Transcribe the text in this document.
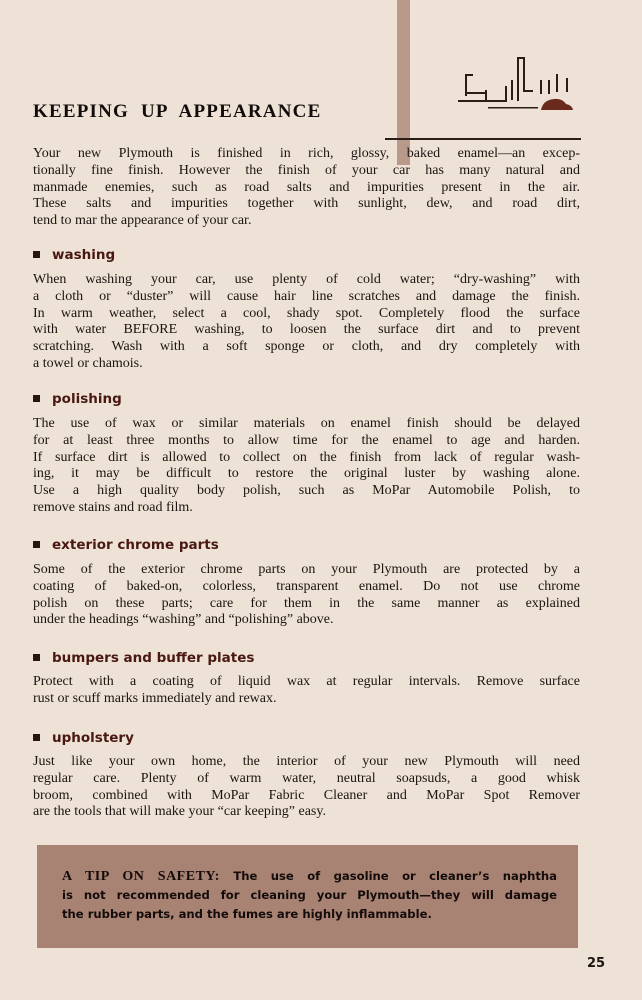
KEEPING UP APPEARANCE
Your new Plymouth is finished in rich, glossy, baked enamel—an excep-
tionally fine finish. However the finish of your car has many natural and
manmade enemies, such as road salts and impurities present in the air.
These salts and impurities together with sunlight, dew, and road dirt,
tend to mar the appearance of your car.
washing
When washing your car, use plenty of cold water; “dry-washing” with
a cloth or “duster” will cause hair line scratches and damage the finish.
In warm weather, select a cool, shady spot. Completely flood the surface
with water BEFORE washing, to loosen the surface dirt and to prevent
scratching. Wash with a soft sponge or cloth, and dry completely with
a towel or chamois.
polishing
The use of wax or similar materials on enamel finish should be delayed
for at least three months to allow time for the enamel to age and harden.
If surface dirt is allowed to collect on the finish from lack of regular wash-
ing, it may be difficult to restore the original luster by washing alone.
Use a high quality body polish, such as MoPar Automobile Polish, to
remove stains and road film.
exterior chrome parts
Some of the exterior chrome parts on your Plymouth are protected by a
coating of baked-on, colorless, transparent enamel. Do not use chrome
polish on these parts; care for them in the same manner as explained
under the headings “washing” and “polishing” above.
bumpers and buffer plates
Protect with a coating of liquid wax at regular intervals. Remove surface
rust or scuff marks immediately and rewax.
upholstery
Just like your own home, the interior of your new Plymouth will need
regular care. Plenty of warm water, neutral soapsuds, a good whisk
broom, combined with MoPar Fabric Cleaner and MoPar Spot Remover
are the tools that will make your “car keeping” easy.
A TIP ON SAFETY: The use of gasoline or cleaner’s naphtha
is not recommended for cleaning your Plymouth—they will damage
the rubber parts, and the fumes are highly inflammable.
25
